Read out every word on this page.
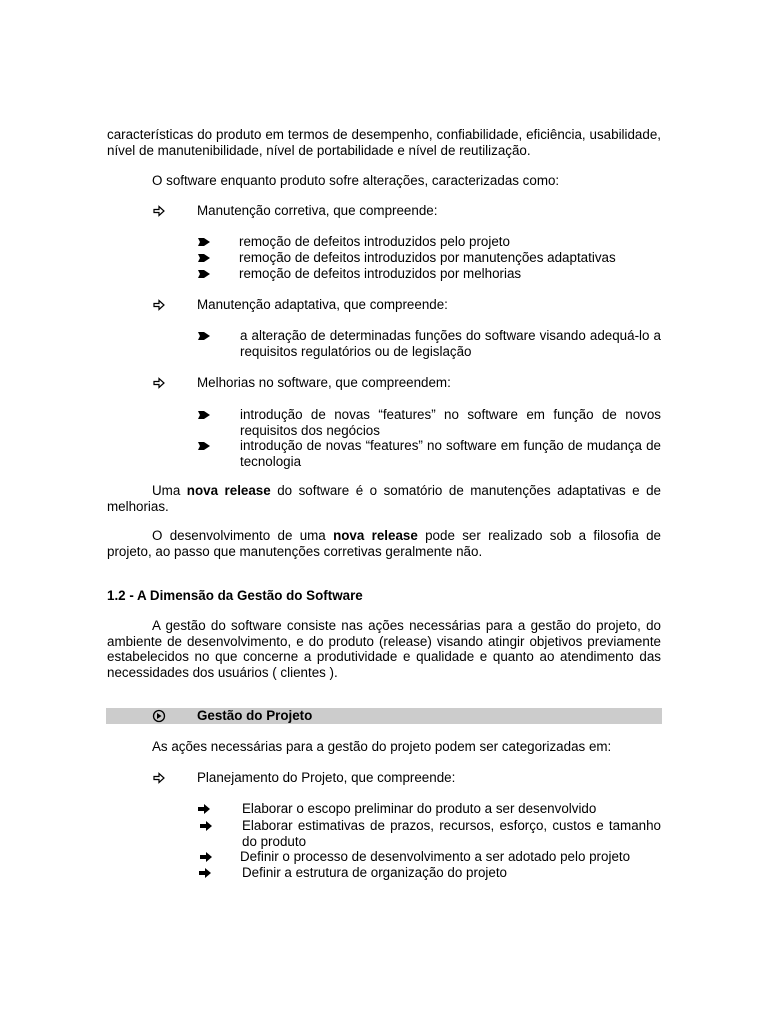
características do produto em termos de desempenho, confiabilidade, eficiência, usabilidade, nível de manutenibilidade, nível de portabilidade e nível de reutilização.
O software enquanto produto sofre alterações, caracterizadas como:
Manutenção corretiva, que compreende:
remoção de defeitos introduzidos pelo projeto
remoção de defeitos introduzidos por manutenções adaptativas
remoção de defeitos introduzidos por melhorias
Manutenção adaptativa, que compreende:
a alteração de determinadas funções do software visando adequá-lo a requisitos regulatórios ou de legislação
Melhorias no software, que compreendem:
introdução de novas “features” no software em função de novos requisitos dos negócios
introdução de novas “features” no software em função de mudança de tecnologia
Uma nova release do software é o somatório de manutenções adaptativas e de melhorias.
O desenvolvimento de uma nova release pode ser realizado sob a filosofia de projeto, ao passo que manutenções corretivas geralmente não.
1.2 - A Dimensão da Gestão do Software
A gestão do software consiste nas ações necessárias para a gestão do projeto, do ambiente de desenvolvimento, e do produto (release) visando atingir objetivos previamente estabelecidos no que concerne a produtividade e qualidade e quanto ao atendimento das necessidades dos usuários ( clientes ).
Gestão do Projeto
As ações necessárias para a gestão do projeto podem ser categorizadas em:
Planejamento do Projeto, que compreende:
Elaborar o escopo preliminar do produto a ser desenvolvido
Elaborar estimativas de prazos, recursos, esforço, custos e tamanho do produto
Definir o processo de desenvolvimento a ser adotado pelo projeto
Definir a estrutura de organização do projeto
